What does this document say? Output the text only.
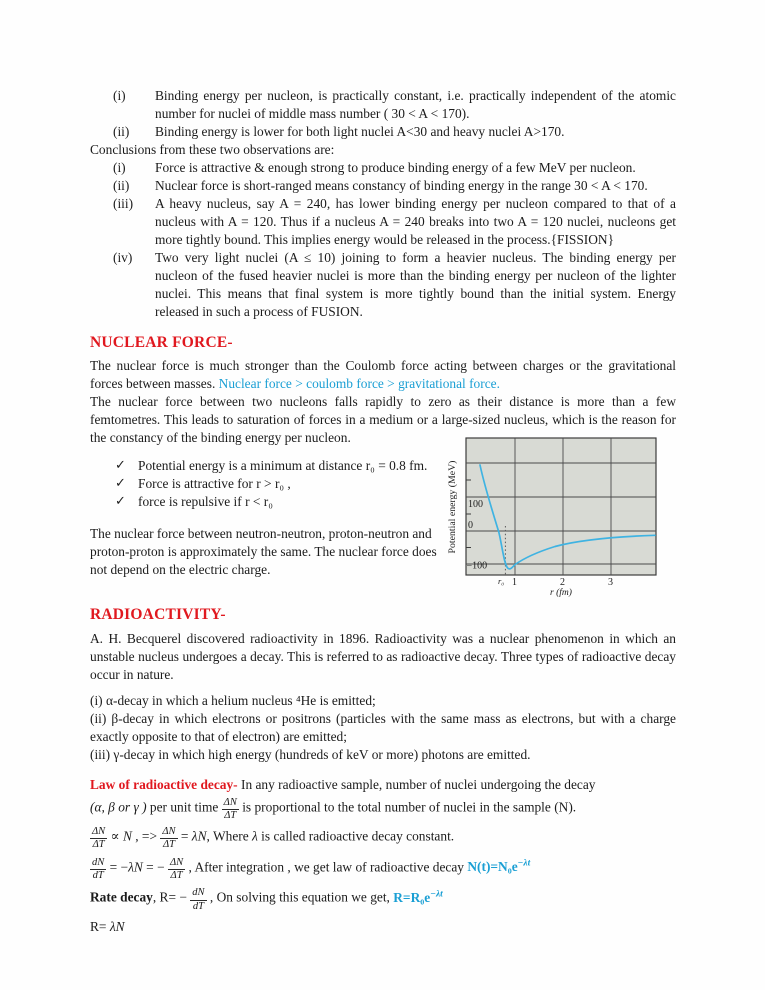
(i) Binding energy per nucleon, is practically constant, i.e. practically independent of the atomic number for nuclei of middle mass number ( 30 < A < 170).
(ii) Binding energy is lower for both light nuclei A<30 and heavy nuclei A>170.
Conclusions from these two observations are:
(i) Force is attractive & enough strong to produce binding energy of a few MeV per nucleon.
(ii) Nuclear force is short-ranged means constancy of binding energy in the range 30 < A < 170.
(iii) A heavy nucleus, say A = 240, has lower binding energy per nucleon compared to that of a nucleus with A = 120. Thus if a nucleus A = 240 breaks into two A = 120 nuclei, nucleons get more tightly bound. This implies energy would be released in the process.{FISSION}
(iv) Two very light nuclei (A ≤ 10) joining to form a heavier nucleus. The binding energy per nucleon of the fused heavier nuclei is more than the binding energy per nucleon of the lighter nuclei. This means that final system is more tightly bound than the initial system. Energy released in such a process of FUSION.
NUCLEAR FORCE-
The nuclear force is much stronger than the Coulomb force acting between charges or the gravitational forces between masses. Nuclear force > coulomb force > gravitational force.
The nuclear force between two nucleons falls rapidly to zero as their distance is more than a few femtometres. This leads to saturation of forces in a medium or a large-sized nucleus, which is the reason for the constancy of the binding energy per nucleon.
100
0
−100
r₀ 1	2	3
r (fm)
Potential energy (MeV)
✓ Potential energy is a minimum at distance r₀ = 0.8 fm.
✓ Force is attractive for r > r₀ ,
✓ force is repulsive if r < r₀
The nuclear force between neutron-neutron, proton-neutron and proton-proton is approximately the same. The nuclear force does not depend on the electric charge.
RADIOACTIVITY-
A. H. Becquerel discovered radioactivity in 1896. Radioactivity was a nuclear phenomenon in which an unstable nucleus undergoes a decay. This is referred to as radioactive decay. Three types of radioactive decay occur in nature.
(i) α-decay in which a helium nucleus ⁴He is emitted;
(ii) β-decay in which electrons or positrons (particles with the same mass as electrons, but with a charge exactly opposite to that of electron) are emitted;
(iii) γ-decay in which high energy (hundreds of keV or more) photons are emitted.
Law of radioactive decay- In any radioactive sample, number of nuclei undergoing the decay
(α, β or γ ) per unit time $\frac{\Delta N}{\Delta T}$ is proportional to the total number of nuclei in the sample (N).
$\frac{\Delta N}{\Delta T} \propto N$ , => $\frac{\Delta N}{\Delta T} = \lambda N$, Where λ is called radioactive decay constant.
$\frac{dN}{dT} = -\lambda N$ = − $\frac{\Delta N}{\Delta T}$ , After integration , we get law of radioactive decay $N(t)=N_0e^{-\lambda t}$
Rate decay, $R= - \frac{dN}{dT}$ , On solving this equation we get, $R=R_0e^{-\lambda t}$
R= λN
